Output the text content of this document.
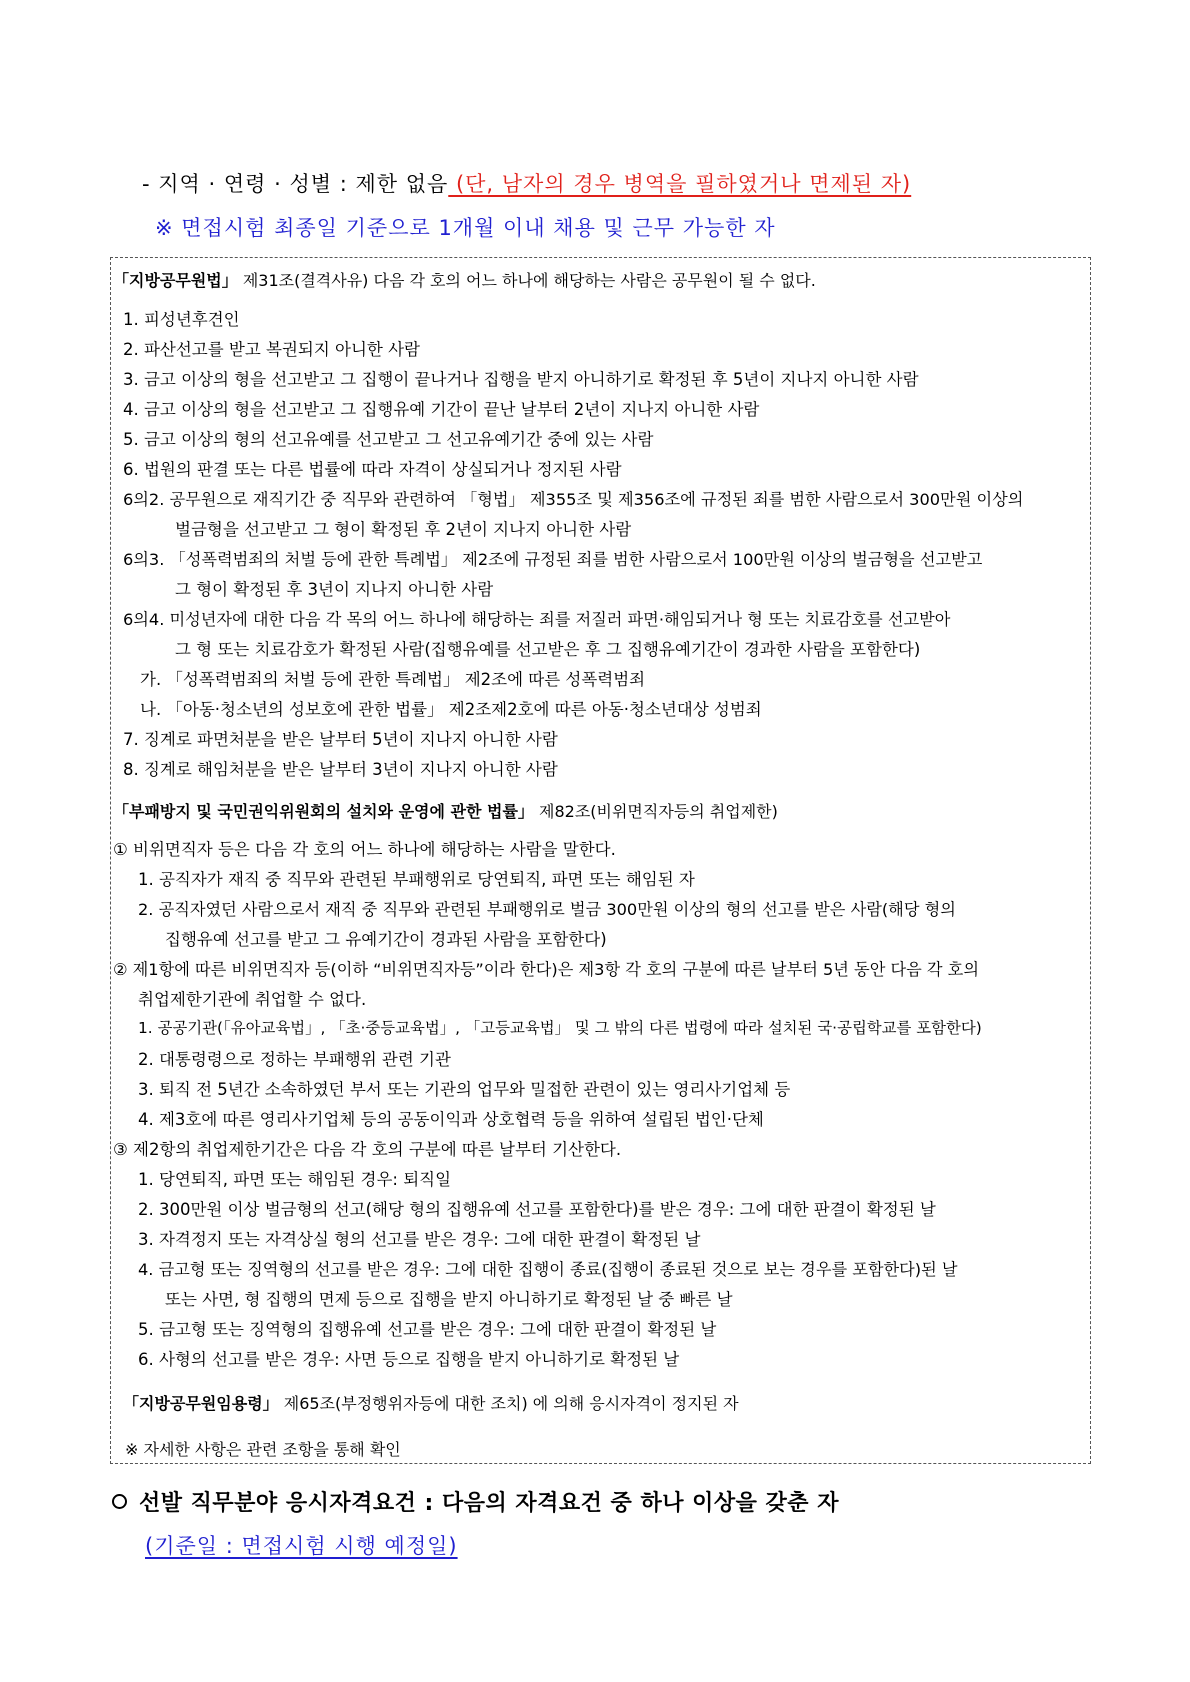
- 지역 · 연령 · 성별 : 제한 없음 (단, 남자의 경우 병역을 필하였거나 면제된 자)
※ 면접시험 최종일 기준으로 1개월 이내 채용 및 근무 가능한 자
「지방공무원법」 제31조(결격사유) 다음 각 호의 어느 하나에 해당하는 사람은 공무원이 될 수 없다.
1. 피성년후견인
2. 파산선고를 받고 복권되지 아니한 사람
3. 금고 이상의 형을 선고받고 그 집행이 끝나거나 집행을 받지 아니하기로 확정된 후 5년이 지나지 아니한 사람
4. 금고 이상의 형을 선고받고 그 집행유예 기간이 끝난 날부터 2년이 지나지 아니한 사람
5. 금고 이상의 형의 선고유예를 선고받고 그 선고유예기간 중에 있는 사람
6. 법원의 판결 또는 다른 법률에 따라 자격이 상실되거나 정지된 사람
6의2. 공무원으로 재직기간 중 직무와 관련하여 「형법」 제355조 및 제356조에 규정된 죄를 범한 사람으로서 300만원 이상의
벌금형을 선고받고 그 형이 확정된 후 2년이 지나지 아니한 사람
6의3. 「성폭력범죄의 처벌 등에 관한 특례법」 제2조에 규정된 죄를 범한 사람으로서 100만원 이상의 벌금형을 선고받고
그 형이 확정된 후 3년이 지나지 아니한 사람
6의4. 미성년자에 대한 다음 각 목의 어느 하나에 해당하는 죄를 저질러 파면·해임되거나 형 또는 치료감호를 선고받아
그 형 또는 치료감호가 확정된 사람(집행유예를 선고받은 후 그 집행유예기간이 경과한 사람을 포함한다)
가. 「성폭력범죄의 처벌 등에 관한 특례법」 제2조에 따른 성폭력범죄
나. 「아동·청소년의 성보호에 관한 법률」 제2조제2호에 따른 아동·청소년대상 성범죄
7. 징계로 파면처분을 받은 날부터 5년이 지나지 아니한 사람
8. 징계로 해임처분을 받은 날부터 3년이 지나지 아니한 사람
「부패방지 및 국민권익위원회의 설치와 운영에 관한 법률」 제82조(비위면직자등의 취업제한)
① 비위면직자 등은 다음 각 호의 어느 하나에 해당하는 사람을 말한다.
1. 공직자가 재직 중 직무와 관련된 부패행위로 당연퇴직, 파면 또는 해임된 자
2. 공직자였던 사람으로서 재직 중 직무와 관련된 부패행위로 벌금 300만원 이상의 형의 선고를 받은 사람(해당 형의
집행유예 선고를 받고 그 유예기간이 경과된 사람을 포함한다)
② 제1항에 따른 비위면직자 등(이하 “비위면직자등”이라 한다)은 제3항 각 호의 구분에 따른 날부터 5년 동안 다음 각 호의
취업제한기관에 취업할 수 없다.
1. 공공기관(「유아교육법」, 「초·중등교육법」, 「고등교육법」 및 그 밖의 다른 법령에 따라 설치된 국·공립학교를 포함한다)
2. 대통령령으로 정하는 부패행위 관련 기관
3. 퇴직 전 5년간 소속하였던 부서 또는 기관의 업무와 밀접한 관련이 있는 영리사기업체 등
4. 제3호에 따른 영리사기업체 등의 공동이익과 상호협력 등을 위하여 설립된 법인·단체
③ 제2항의 취업제한기간은 다음 각 호의 구분에 따른 날부터 기산한다.
1. 당연퇴직, 파면 또는 해임된 경우: 퇴직일
2. 300만원 이상 벌금형의 선고(해당 형의 집행유예 선고를 포함한다)를 받은 경우: 그에 대한 판결이 확정된 날
3. 자격정지 또는 자격상실 형의 선고를 받은 경우: 그에 대한 판결이 확정된 날
4. 금고형 또는 징역형의 선고를 받은 경우: 그에 대한 집행이 종료(집행이 종료된 것으로 보는 경우를 포함한다)된 날
또는 사면, 형 집행의 면제 등으로 집행을 받지 아니하기로 확정된 날 중 빠른 날
5. 금고형 또는 징역형의 집행유예 선고를 받은 경우: 그에 대한 판결이 확정된 날
6. 사형의 선고를 받은 경우: 사면 등으로 집행을 받지 아니하기로 확정된 날
「지방공무원임용령」 제65조(부정행위자등에 대한 조치) 에 의해 응시자격이 정지된 자
※ 자세한 사항은 관련 조항을 통해 확인
선발 직무분야 응시자격요건 : 다음의 자격요건 중 하나 이상을 갖춘 자
(기준일 : 면접시험 시행 예정일)
